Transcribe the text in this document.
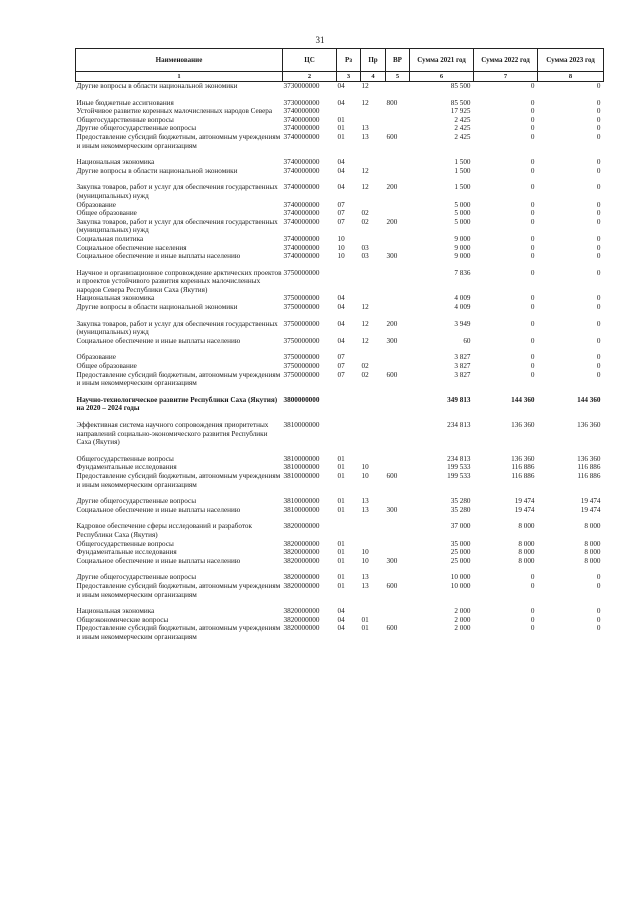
31
Наименование	ЦС	Рз	Пр	ВР	Сумма 2021 год	Сумма 2022 год	Сумма 2023 год
1	2	3	4	5	6	7	8
Другие вопросы в области национальной экономики	3730000000	04	12		85 500	0	0

Иные бюджетные ассигнования	3730000000	04	12	800	85 500	0	0
Устойчивое развитие коренных малочисленных народов Севера	3740000000				17 925	0	0
Общегосударственные вопросы	3740000000	01			2 425	0	0
Другие общегосударственные вопросы	3740000000	01	13		2 425	0	0
Предоставление субсидий бюджетным, автономным учреждениям и иным некоммерческим организациям	3740000000	01	13	600	2 425	0	0

Национальная экономика	3740000000	04			1 500	0	0
Другие вопросы в области национальной экономики	3740000000	04	12		1 500	0	0

Закупка товаров, работ и услуг для обеспечения государственных (муниципальных) нужд	3740000000	04	12	200	1 500	0	0
Образование	3740000000	07			5 000	0	0
Общее образование	3740000000	07	02		5 000	0	0
Закупка товаров, работ и услуг для обеспечения государственных (муниципальных) нужд	3740000000	07	02	200	5 000	0	0
Социальная политика	3740000000	10			9 000	0	0
Социальное обеспечение населения	3740000000	10	03		9 000	0	0
Социальное обеспечение и иные выплаты населению	3740000000	10	03	300	9 000	0	0

Научное и организационное сопровождение арктических проектов и проектов устойчивого развития коренных малочисленных народов Севера Республики Саха (Якутия)	3750000000				7 836	0	0
Национальная экономика	3750000000	04			4 009	0	0
Другие вопросы в области национальной экономики	3750000000	04	12		4 009	0	0

Закупка товаров, работ и услуг для обеспечения государственных (муниципальных) нужд	3750000000	04	12	200	3 949	0	0
Социальное обеспечение и иные выплаты населению	3750000000	04	12	300	60	0	0

Образование	3750000000	07			3 827	0	0
Общее образование	3750000000	07	02		3 827	0	0
Предоставление субсидий бюджетным, автономным учреждениям и иным некоммерческим организациям	3750000000	07	02	600	3 827	0	0

Научно-технологическое развитие Республики Саха (Якутия) на 2020 – 2024 годы	3800000000				349 813	144 360	144 360

Эффективная система научного сопровождения приоритетных направлений социально-экономического развития Республики Саха (Якутия)	3810000000				234 813	136 360	136 360

Общегосударственные вопросы	3810000000	01			234 813	136 360	136 360
Фундаментальные исследования	3810000000	01	10		199 533	116 886	116 886
Предоставление субсидий бюджетным, автономным учреждениям и иным некоммерческим организациям	3810000000	01	10	600	199 533	116 886	116 886

Другие общегосударственные вопросы	3810000000	01	13		35 280	19 474	19 474
Социальное обеспечение и иные выплаты населению	3810000000	01	13	300	35 280	19 474	19 474

Кадровое обеспечение сферы исследований и разработок Республики Саха (Якутия)	3820000000				37 000	8 000	8 000
Общегосударственные вопросы	3820000000	01			35 000	8 000	8 000
Фундаментальные исследования	3820000000	01	10		25 000	8 000	8 000
Социальное обеспечение и иные выплаты населению	3820000000	01	10	300	25 000	8 000	8 000

Другие общегосударственные вопросы	3820000000	01	13		10 000	0	0
Предоставление субсидий бюджетным, автономным учреждениям и иным некоммерческим организациям	3820000000	01	13	600	10 000	0	0

Национальная экономика	3820000000	04			2 000	0	0
Общеэкономические вопросы	3820000000	04	01		2 000	0	0
Предоставление субсидий бюджетным, автономным учреждениям и иным некоммерческим организациям	3820000000	04	01	600	2 000	0	0
